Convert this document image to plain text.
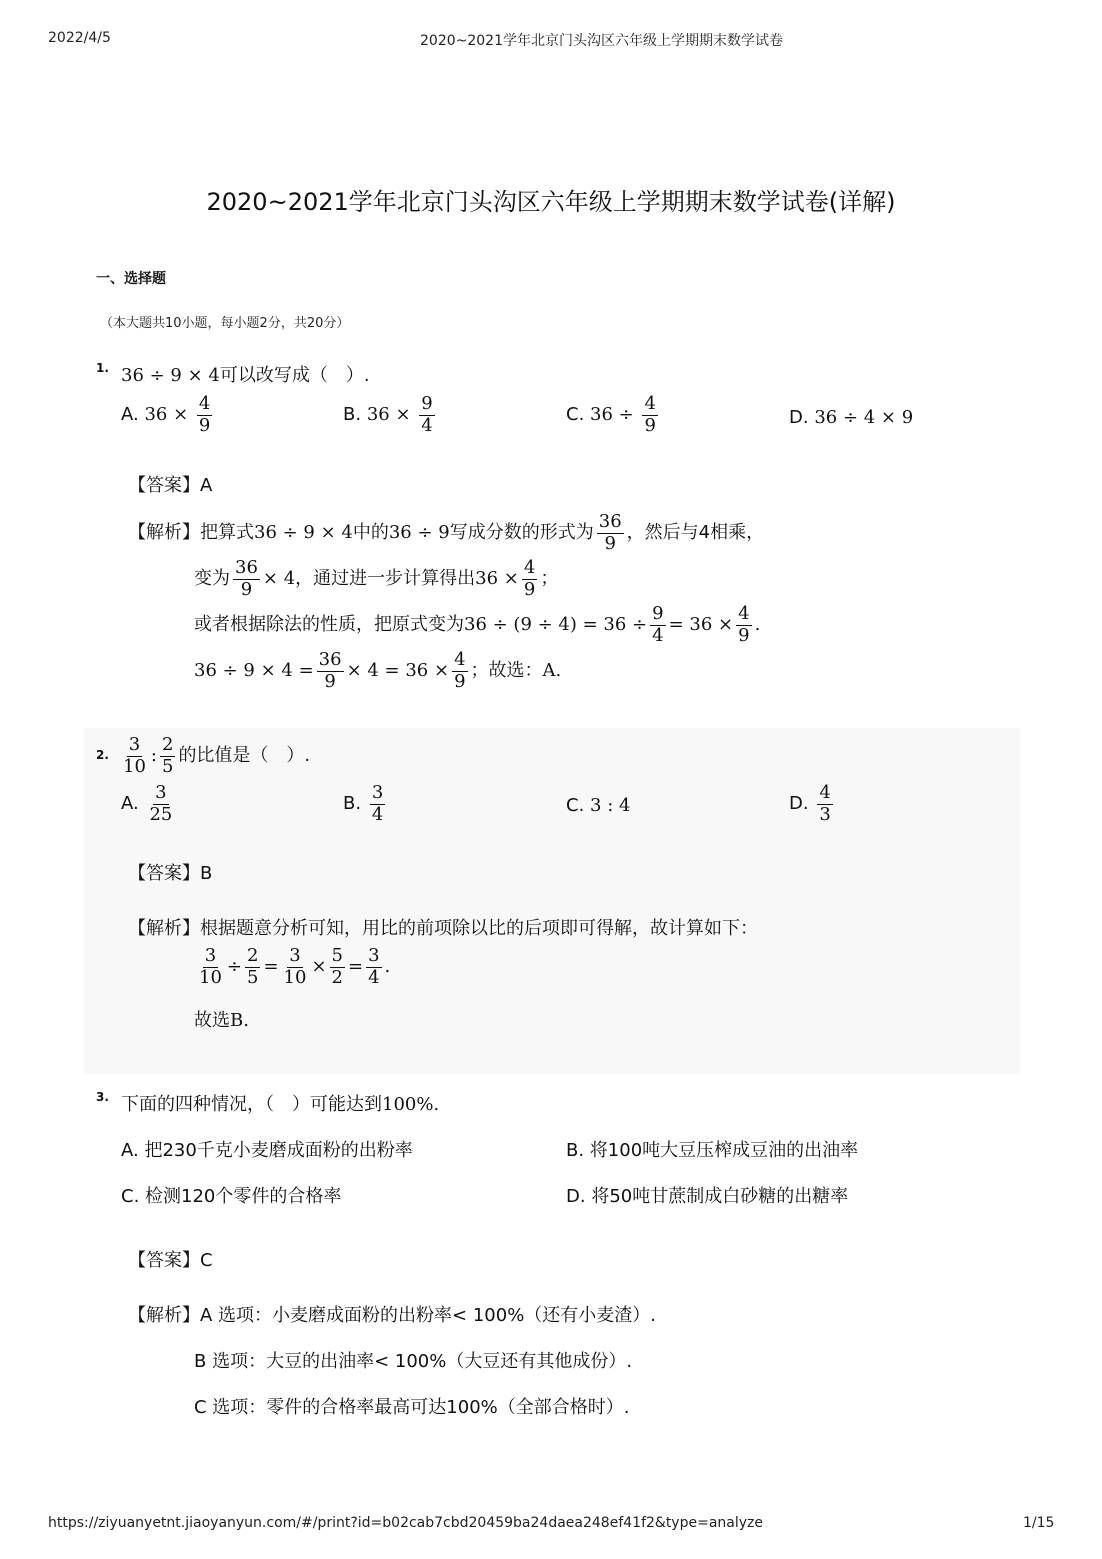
2022/4/5	2020~2021学年北京门头沟区六年级上学期期末数学试卷
2020~2021学年北京门头沟区六年级上学期期末数学试卷(详解)
一、选择题
（本大题共10小题，每小题2分，共20分）
1. 36 ÷ 9 × 4可以改写成（　）.
A. $36 \times \frac{4}{9}$	B. $36 \times \frac{9}{4}$	C. $36 \div \frac{4}{9}$	D. 36 ÷ 4 × 9
【答案】A
【解析】把算式36 ÷ 9 × 4中的36 ÷ 9写成分数的形式为 $\frac{36}{9}$ ，然后与4相乘，
变为 $\frac{36}{9} \times 4$，通过进一步计算得出$36 \times \frac{4}{9}$ ；
或者根据除法的性质，把原式变为$36 \div (9 \div 4) = 36 \div \frac{9}{4} = 36 \times \frac{4}{9}$ .
$36 \div 9 \times 4 = \frac{36}{9} \times 4 = 36 \times \frac{4}{9}$ ；故选：A.
2. $\frac{3}{10}$ : $\frac{2}{5}$ 的比值是（　）.
A. $\frac{3}{25}$	B. $\frac{3}{4}$	C. 3 : 4	D. $\frac{4}{3}$
【答案】B
【解析】根据题意分析可知，用比的前项除以比的后项即可得解，故计算如下：
$\frac{3}{10} \div \frac{2}{5} = \frac{3}{10} \times \frac{5}{2} = \frac{3}{4}$ .
故选B.
3. 下面的四种情况，（　）可能达到100%.
A. 把230千克小麦磨成面粉的出粉率	B. 将100吨大豆压榨成豆油的出油率
C. 检测120个零件的合格率	D. 将50吨甘蔗制成白砂糖的出糖率
【答案】C
【解析】A 选项：小麦磨成面粉的出粉率< 100%（还有小麦渣）.
B 选项：大豆的出油率< 100%（大豆还有其他成份）.
C 选项：零件的合格率最高可达100%（全部合格时）.
https://ziyuanyetnt.jiaoyanyun.com/#/print?id=b02cab7cbd20459ba24daea248ef41f2&type=analyze	1/15
